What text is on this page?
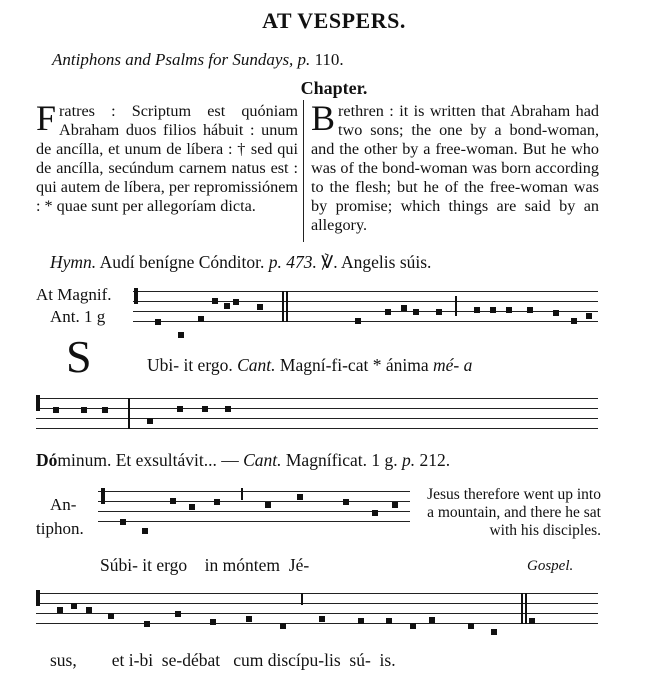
AT VESPERS.
Antiphons and Psalms for Sundays, p. 110.
Chapter.
Fratres : Scriptum est quóniam Abraham duos filios hábuit : unum de ancílla, et unum de líbera : † sed qui de ancílla, secúndum carnem natus est : qui autem de líbera, per repromissiónem : * quae sunt per allegoríam dicta.
Brethren : it is written that Abraham had two sons; the one by a bond-woman, and the other by a free-woman. But he who was of the bond-woman was born according to the flesh; but he of the free-woman was by promise; which things are said by an allegory.
Hymn. Audí benígne Cónditor. p. 473. ℣. Angelis súis.
At Magnif.
Ant. 1 g
S	Ubi- it ergo. Cant. Magní-fi-cat * ánima mé- a
Dóminum. Et exsultávit... — Cant. Magníficat. 1 g. p. 212.
An-
tiphon.
Jesus therefore went up into a mountain, and there he sat with his disciples.
Súbi- it ergo    in móntem  Jé-	Gospel.
sus,        et i-bi  se-débat   cum discípu-lis  sú-  is.
